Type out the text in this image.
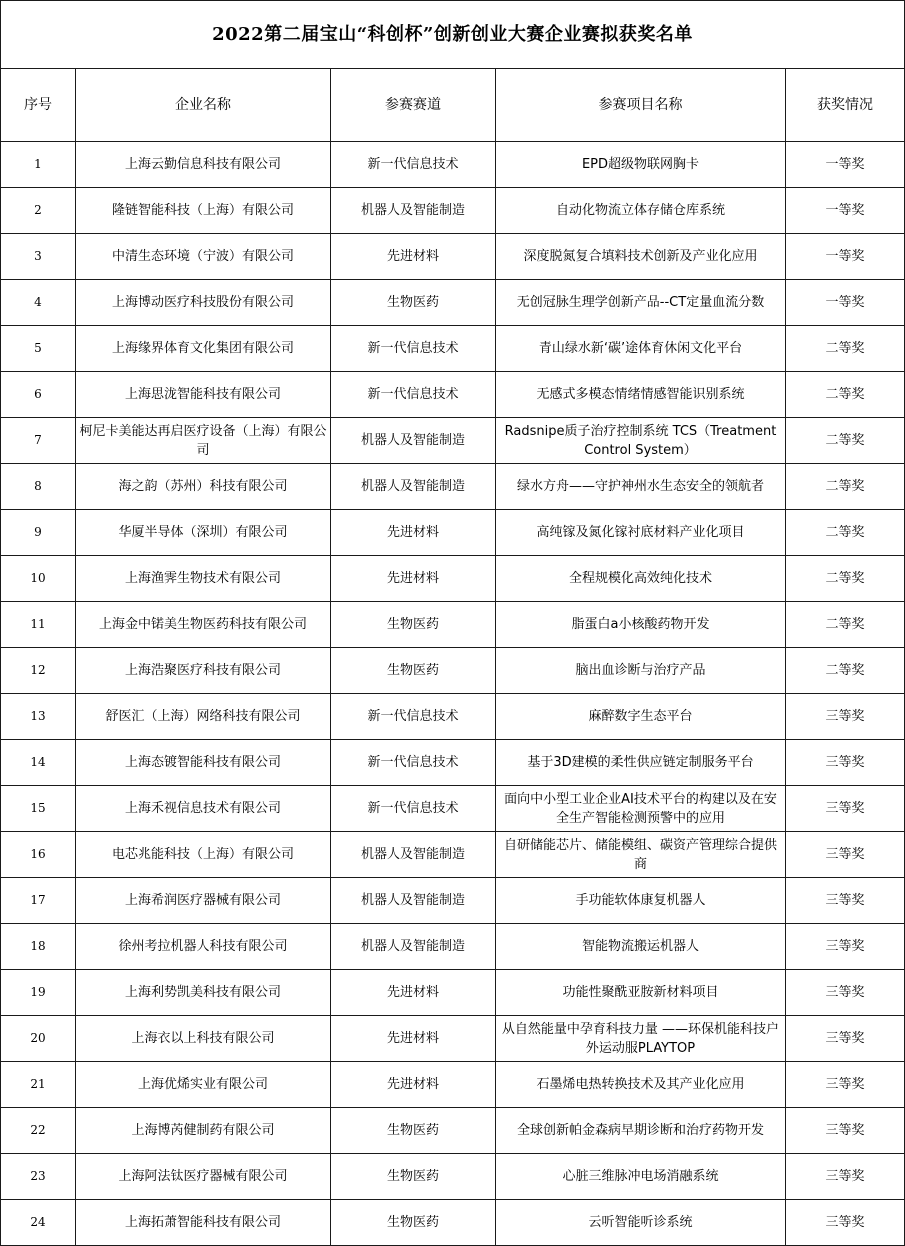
2022第二届宝山“科创杯”创新创业大赛企业赛拟获奖名单				
序号	企业名称	参赛赛道	参赛项目名称	获奖情况
1	上海云勤信息科技有限公司	新一代信息技术	EPD超级物联网胸卡	一等奖
2	隆链智能科技（上海）有限公司	机器人及智能制造	自动化物流立体存储仓库系统	一等奖
3	中清生态环境（宁波）有限公司	先进材料	深度脱氮复合填料技术创新及产业化应用	一等奖
4	上海博动医疗科技股份有限公司	生物医药	无创冠脉生理学创新产品--CT定量血流分数	一等奖
5	上海缘界体育文化集团有限公司	新一代信息技术	青山绿水新‘碳’途体育休闲文化平台	二等奖
6	上海思泷智能科技有限公司	新一代信息技术	无感式多模态情绪情感智能识别系统	二等奖
7	柯尼卡美能达再启医疗设备（上海）有限公司	机器人及智能制造	Radsnipe质子治疗控制系统 TCS（Treatment Control System）	二等奖
8	海之韵（苏州）科技有限公司	机器人及智能制造	绿水方舟——守护神州水生态安全的领航者	二等奖
9	华厦半导体（深圳）有限公司	先进材料	高纯镓及氮化镓衬底材料产业化项目	二等奖
10	上海渔霁生物技术有限公司	先进材料	全程规模化高效纯化技术	二等奖
11	上海金中锘美生物医药科技有限公司	生物医药	脂蛋白a小核酸药物开发	二等奖
12	上海浩聚医疗科技有限公司	生物医药	脑出血诊断与治疗产品	二等奖
13	舒医汇（上海）网络科技有限公司	新一代信息技术	麻醉数字生态平台	三等奖
14	上海态镀智能科技有限公司	新一代信息技术	基于3D建模的柔性供应链定制服务平台	三等奖
15	上海禾视信息技术有限公司	新一代信息技术	面向中小型工业企业AI技术平台的构建以及在安全生产智能检测预警中的应用	三等奖
16	电芯兆能科技（上海）有限公司	机器人及智能制造	自研储能芯片、储能模组、碳资产管理综合提供商	三等奖
17	上海希润医疗器械有限公司	机器人及智能制造	手功能软体康复机器人	三等奖
18	徐州考拉机器人科技有限公司	机器人及智能制造	智能物流搬运机器人	三等奖
19	上海利势凯美科技有限公司	先进材料	功能性聚酰亚胺新材料项目	三等奖
20	上海衣以上科技有限公司	先进材料	从自然能量中孕育科技力量 ——环保机能科技户外运动服PLAYTOP	三等奖
21	上海优烯实业有限公司	先进材料	石墨烯电热转换技术及其产业化应用	三等奖
22	上海博芮健制药有限公司	生物医药	全球创新帕金森病早期诊断和治疗药物开发	三等奖
23	上海阿法钛医疗器械有限公司	生物医药	心脏三维脉冲电场消融系统	三等奖
24	上海拓萧智能科技有限公司	生物医药	云听智能听诊系统	三等奖
